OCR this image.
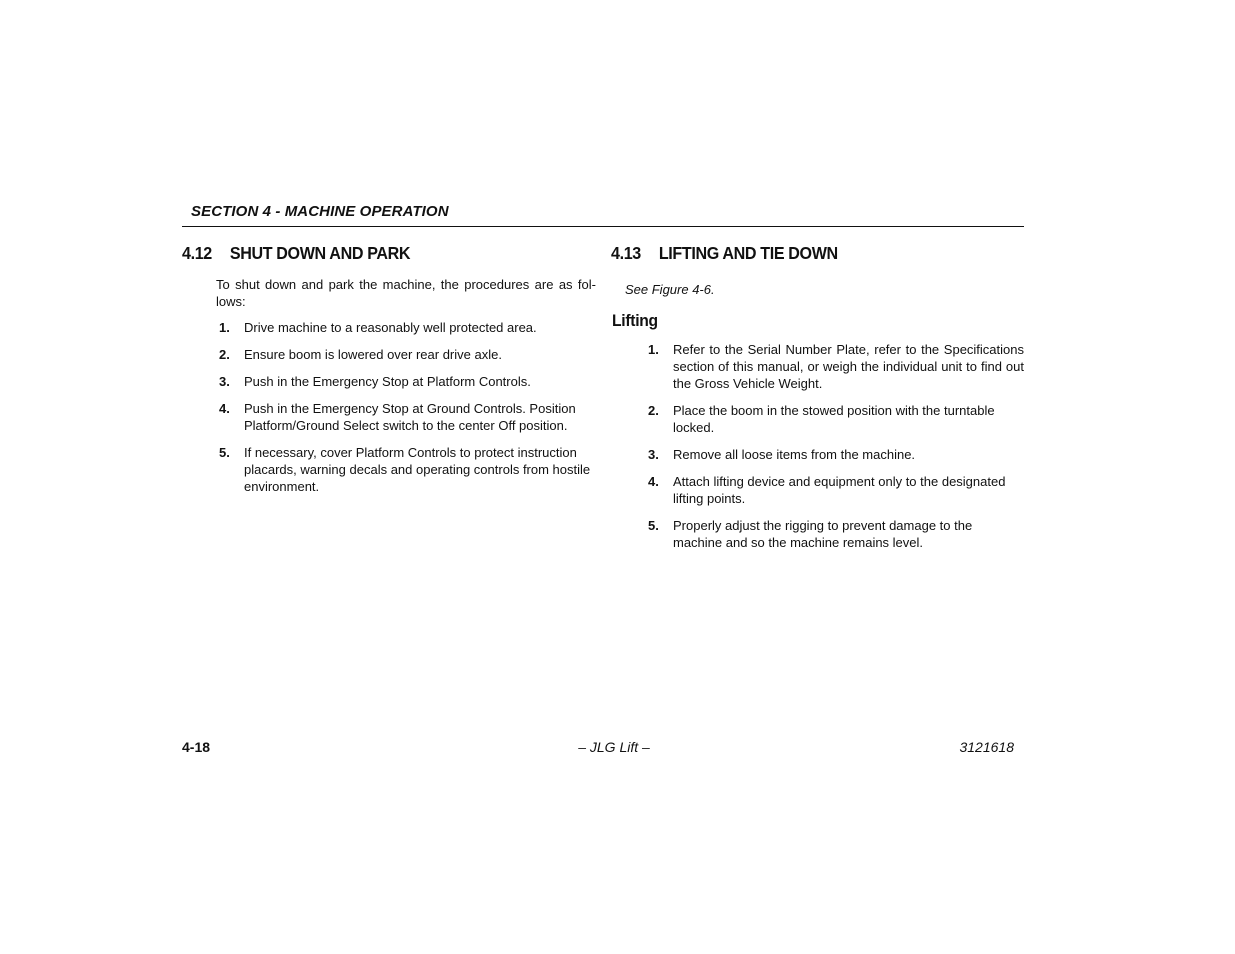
SECTION 4 - MACHINE OPERATION
4.12	SHUT DOWN AND PARK
To shut down and park the machine, the procedures are as fol- lows:
1.	Drive machine to a reasonably well protected area.
2.	Ensure boom is lowered over rear drive axle.
3.	Push in the Emergency Stop at Platform Controls.
4.	Push in the Emergency Stop at Ground Controls. Position Platform/Ground Select switch to the center Off position.
5.	If necessary, cover Platform Controls to protect instruction placards, warning decals and operating controls from hostile environment.
4.13	LIFTING AND TIE DOWN
See Figure 4-6.
Lifting
1.	Refer to the Serial Number Plate, refer to the Specifications section of this manual, or weigh the individual unit to find out the Gross Vehicle Weight.
2.	Place the boom in the stowed position with the turntable locked.
3.	Remove all loose items from the machine.
4.	Attach lifting device and equipment only to the designated lifting points.
5.	Properly adjust the rigging to prevent damage to the machine and so the machine remains level.
4-18	– JLG Lift –	3121618
